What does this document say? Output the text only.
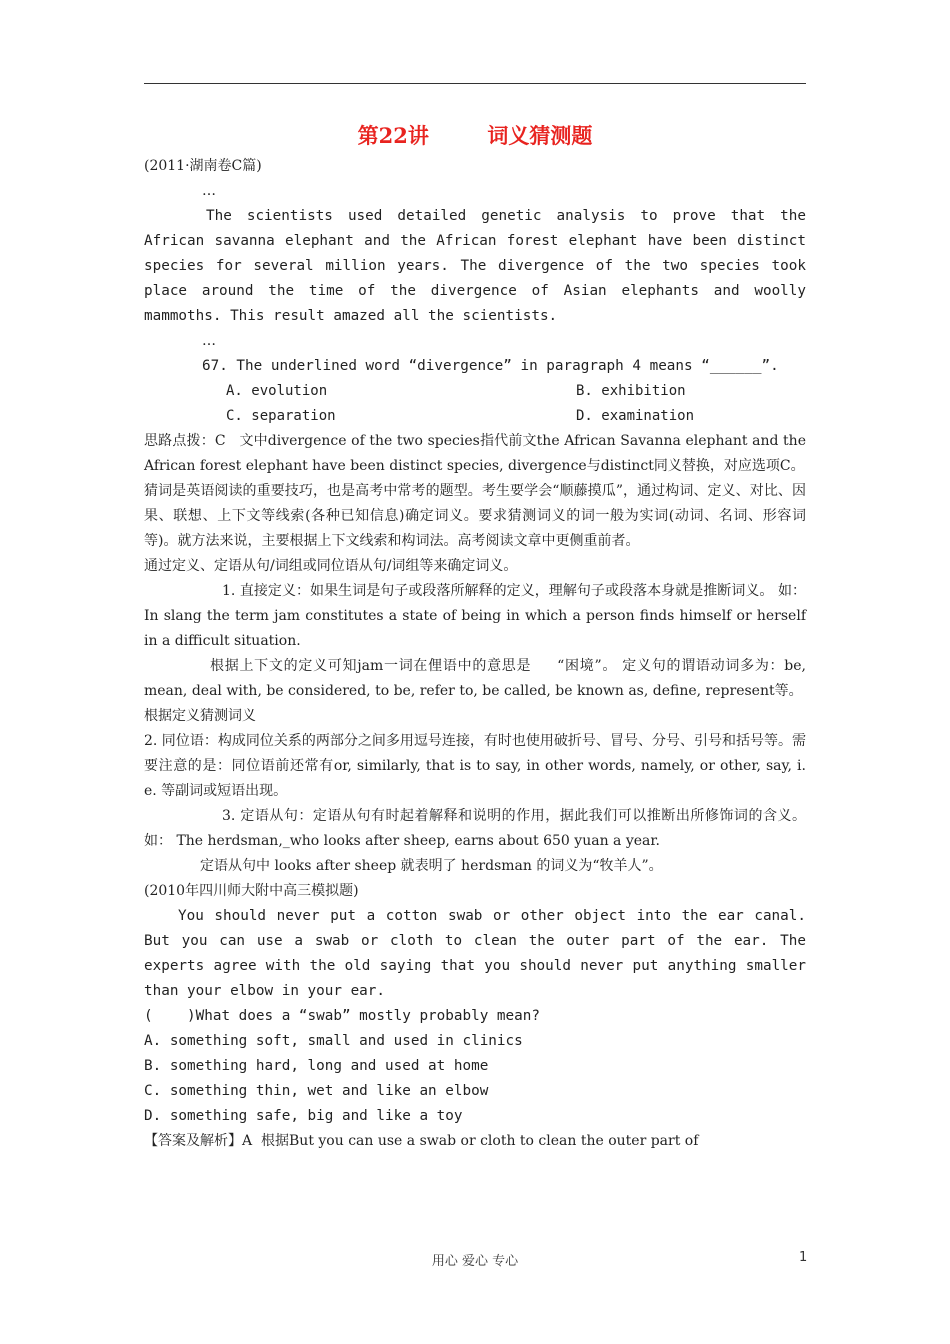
第22讲        词义猜测题

(2011·湖南卷C篇)

…

The scientists used detailed genetic analysis to prove that the African savanna elephant and the African forest elephant have been distinct species for several million years. The divergence of the two species took place around the time of the divergence of Asian elephants and woolly mammoths. This result amazed all the scientists.

…

67. The underlined word “divergence” in paragraph 4 means “______”.

A. evolution	B. exhibition
C. separation	D. examination

思路点拨：C   文中divergence of the two species指代前文the African Savanna elephant and the African forest elephant have been distinct species, divergence与distinct同义替换，对应选项C。

猜词是英语阅读的重要技巧，也是高考中常考的题型。考生要学会“顺藤摸瓜”，通过构词、定义、对比、因果、联想、上下文等线索(各种已知信息)确定词义。要求猜测词义的词一般为实词(动词、名词、形容词等)。就方法来说，主要根据上下文线索和构词法。高考阅读文章中更侧重前者。

通过定义、定语从句/词组或同位语从句/词组等来确定词义。

1. 直接定义：如果生词是句子或段落所解释的定义，理解句子或段落本身就是推断词义。 如： In slang the term jam constitutes a state of being in which a person finds himself or herself in a difficult situation.

根据上下文的定义可知jam一词在俚语中的意思是     “困境”。 定义句的谓语动词多为：be, mean, deal with, be considered, to be, refer to, be called, be known as, define, represent等。

根据定义猜测词义

2. 同位语：构成同位关系的两部分之间多用逗号连接，有时也使用破折号、冒号、分号、引号和括号等。需要注意的是：同位语前还常有or, similarly, that is to say, in other words, namely, or other, say, i. e. 等副词或短语出现。

3. 定语从句：定语从句有时起着解释和说明的作用，据此我们可以推断出所修饰词的含义。如： The herdsman,_who looks after sheep, earns about 650 yuan a year.

定语从句中 looks after sheep 就表明了 herdsman 的词义为“牧羊人”。

(2010年四川师大附中高三模拟题)

You should never put a cotton swab or other object into the ear canal. But you can use a swab or cloth to clean the outer part of the ear. The experts agree with the old saying that you should never put anything smaller than your elbow in your ear.

(    )What does a “swab” mostly probably mean?

A. something soft, small and used in clinics

B. something hard, long and used at home

C. something thin, wet and like an elbow

D. something safe, big and like a toy

【答案及解析】A  根据But you can use a swab or cloth to clean the outer part of

用心 爱心 专心	1
